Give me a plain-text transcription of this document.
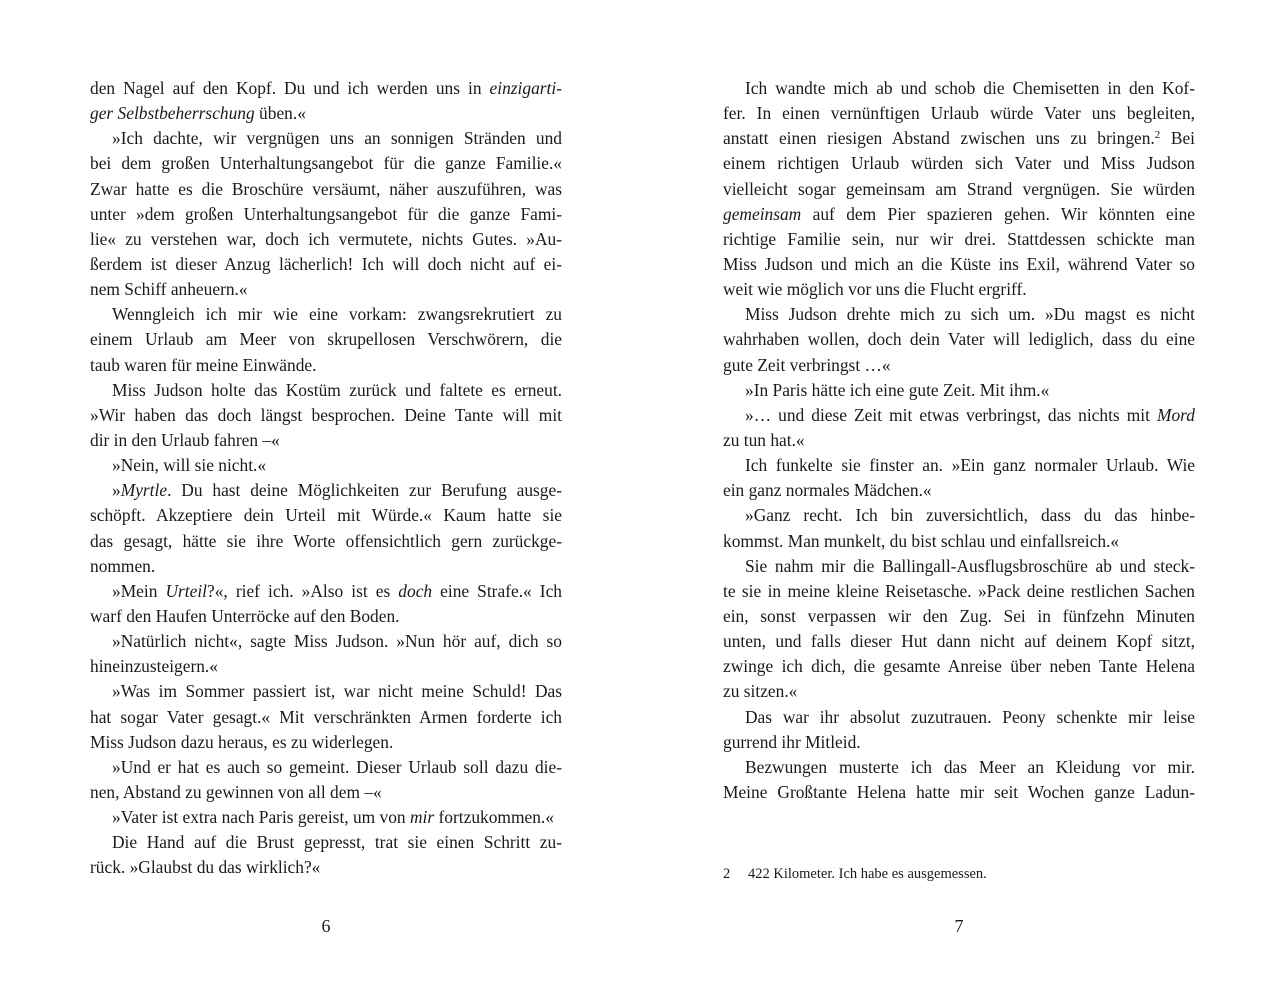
den Nagel auf den Kopf. Du und ich werden uns in einzigarti-
ger Selbstbeherrschung üben.«
»Ich dachte, wir vergnügen uns an sonnigen Stränden und
bei dem großen Unterhaltungsangebot für die ganze Familie.«
Zwar hatte es die Broschüre versäumt, näher auszuführen, was
unter »dem großen Unterhaltungsangebot für die ganze Fami-
lie« zu verstehen war, doch ich vermutete, nichts Gutes. »Au-
ßerdem ist dieser Anzug lächerlich! Ich will doch nicht auf ei-
nem Schiff anheuern.«
Wenngleich ich mir wie eine vorkam: zwangsrekrutiert zu
einem Urlaub am Meer von skrupellosen Verschwörern, die
taub waren für meine Einwände.
Miss Judson holte das Kostüm zurück und faltete es erneut.
»Wir haben das doch längst besprochen. Deine Tante will mit
dir in den Urlaub fahren –«
»Nein, will sie nicht.«
»Myrtle. Du hast deine Möglichkeiten zur Berufung ausge-
schöpft. Akzeptiere dein Urteil mit Würde.« Kaum hatte sie
das gesagt, hätte sie ihre Worte offensichtlich gern zurückge-
nommen.
»Mein Urteil?«, rief ich. »Also ist es doch eine Strafe.« Ich
warf den Haufen Unterröcke auf den Boden.
»Natürlich nicht«, sagte Miss Judson. »Nun hör auf, dich so
hineinzusteigern.«
»Was im Sommer passiert ist, war nicht meine Schuld! Das
hat sogar Vater gesagt.« Mit verschränkten Armen forderte ich
Miss Judson dazu heraus, es zu widerlegen.
»Und er hat es auch so gemeint. Dieser Urlaub soll dazu die-
nen, Abstand zu gewinnen von all dem –«
»Vater ist extra nach Paris gereist, um von mir fortzukommen.«
Die Hand auf die Brust gepresst, trat sie einen Schritt zu-
rück. »Glaubst du das wirklich?«
6
Ich wandte mich ab und schob die Chemisetten in den Kof-
fer. In einen vernünftigen Urlaub würde Vater uns begleiten,
anstatt einen riesigen Abstand zwischen uns zu bringen.$^2$ Bei
einem richtigen Urlaub würden sich Vater und Miss Judson
vielleicht sogar gemeinsam am Strand vergnügen. Sie würden
gemeinsam auf dem Pier spazieren gehen. Wir könnten eine
richtige Familie sein, nur wir drei. Stattdessen schickte man
Miss Judson und mich an die Küste ins Exil, während Vater so
weit wie möglich vor uns die Flucht ergriff.
Miss Judson drehte mich zu sich um. »Du magst es nicht
wahrhaben wollen, doch dein Vater will lediglich, dass du eine
gute Zeit verbringst …«
»In Paris hätte ich eine gute Zeit. Mit ihm.«
»… und diese Zeit mit etwas verbringst, das nichts mit Mord
zu tun hat.«
Ich funkelte sie finster an. »Ein ganz normaler Urlaub. Wie
ein ganz normales Mädchen.«
»Ganz recht. Ich bin zuversichtlich, dass du das hinbe-
kommst. Man munkelt, du bist schlau und einfallsreich.«
Sie nahm mir die Ballingall-Ausflugsbroschüre ab und steck-
te sie in meine kleine Reisetasche. »Pack deine restlichen Sachen
ein, sonst verpassen wir den Zug. Sei in fünfzehn Minuten
unten, und falls dieser Hut dann nicht auf deinem Kopf sitzt,
zwinge ich dich, die gesamte Anreise über neben Tante Helena
zu sitzen.«
Das war ihr absolut zuzutrauen. Peony schenkte mir leise
gurrend ihr Mitleid.
Bezwungen musterte ich das Meer an Kleidung vor mir.
Meine Großtante Helena hatte mir seit Wochen ganze Ladun-
2 422 Kilometer. Ich habe es ausgemessen.
7
